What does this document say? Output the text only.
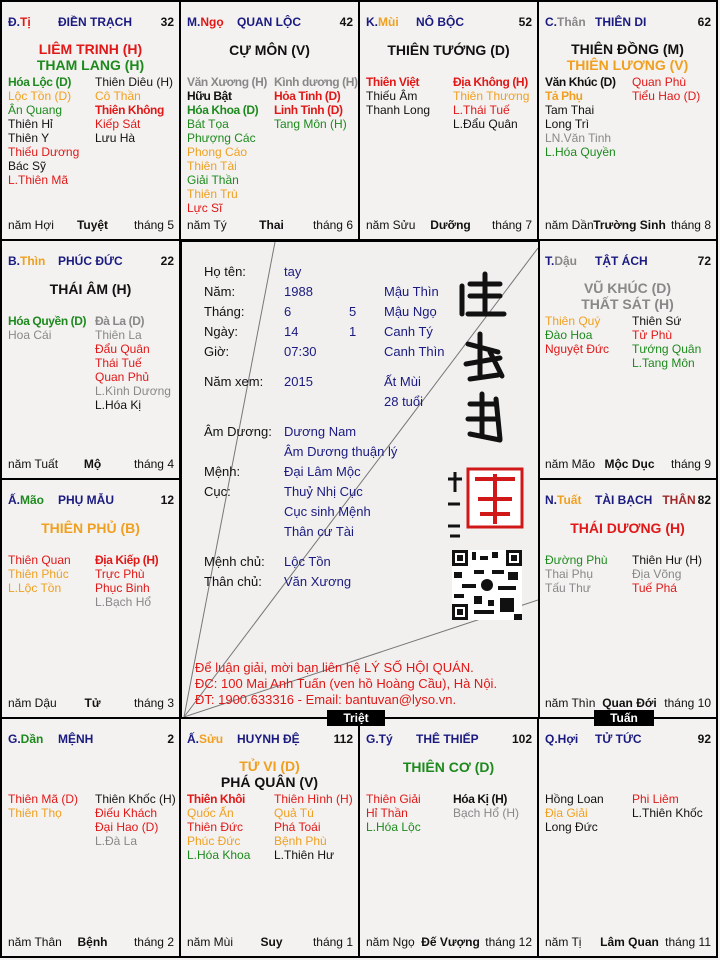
Đ.Tị ĐIỀN TRẠCH 32
LIÊM TRINH (H)
THAM LANG (H)
Hóa Lộc (D)
Lộc Tồn (D)
Ân Quang
Thiên Hỉ
Thiên Y
Thiếu Dương
Bác Sỹ
L.Thiên Mã
Thiên Diêu (H)
Cô Thần
Thiên Không
Kiếp Sát
Lưu Hà
năm Hợi	Tuyệt	tháng 5
M.Ngọ QUAN LỘC	42
CỰ MÔN (V)
Văn Xương (H)
Hữu Bật
Hóa Khoa (D)
Bát Tọa
Phượng Các
Phong Cáo
Thiên Tài
Giải Thần
Thiên Trù
Lực Sĩ
Kình dương (H)
Hỏa Tinh (D)
Linh Tinh (D)
Tang Môn (H)
năm Tý	Thai	tháng 6
K.Mùi NÔ BỘC	52
THIÊN TƯỚNG (D)
Thiên Việt
Thiếu Âm
Thanh Long
Địa Không (H)
Thiên Thương
L.Thái Tuế
L.Đẩu Quân
năm Sửu	Dưỡng	tháng 7
C.Thân THIÊN DI	62
THIÊN ĐỒNG (M)
THIÊN LƯƠNG (V)
Văn Khúc (D)
Tả Phụ
Tam Thai
Long Trì
LN.Văn Tinh
L.Hóa Quyền
Quan Phù
Tiểu Hao (D)
năm Dần Trường Sinh tháng 8
B.Thìn PHÚC ĐỨC	22
THÁI ÂM (H)
Hóa Quyền (D)
Hoa Cái
Đà La (D)
Thiên La
Đẩu Quân
Thái Tuế
Quan Phủ
L.Kình Dương
L.Hóa Kị
năm Tuất	Mộ	tháng 4
T.Dậu TẬT ÁCH	72
VŨ KHÚC (D)
THẤT SÁT (H)
Thiên Quý
Đào Hoa
Nguyệt Đức
Thiên Sứ
Tử Phù
Tướng Quân
L.Tang Môn
năm Mão Mộc Dục	tháng 9
Ấ.Mão PHỤ MẪU	12
THIÊN PHỦ (B)
Thiên Quan
Thiên Phúc
L.Lộc Tồn
Địa Kiếp (H)
Trực Phù
Phục Binh
L.Bạch Hổ
năm Dậu	Tử	tháng 3
N.Tuất TÀI BẠCH THÂN 82
THÁI DƯƠNG (H)
Đường Phù
Thai Phụ
Tấu Thư
Thiên Hư (H)
Địa Võng
Tuế Phá
năm Thìn Quan Đới tháng 10
G.Dần MỆNH	2
Thiên Mã (D)
Thiên Thọ
Thiên Khốc (H)
Điếu Khách
Đại Hao (D)
L.Đà La
năm Thân	Bệnh	tháng 2
Ấ.Sửu HUYNH ĐỆ	112
TỬ VI (D)
PHÁ QUÂN (V)
Thiên Khôi
Quốc Ấn
Thiên Đức
Phúc Đức
L.Hóa Khoa
Thiên Hình (H)
Quả Tú
Phá Toái
Bệnh Phù
L.Thiên Hư
năm Mùi	Suy	tháng 1
G.Tý THÊ THIẾP	102
THIÊN CƠ (D)
Thiên Giải
Hỉ Thần
L.Hóa Lộc
Hóa Kị (H)
Bạch Hổ (H)
năm Ngọ Đế Vượng tháng 12
Q.Hợi TỬ TỨC	92
Hồng Loan
Địa Giải
Long Đức
Phi Liêm
L.Thiên Khốc
năm Tị	Lâm Quan tháng 11
Họ tên:	tay
Năm:	1988	Mậu Thìn
Tháng:	6	5 Mậu Ngọ
Ngày:	14	1 Canh Tý
Giờ:	07:30	Canh Thìn
Năm xem: 2015	Ất Mùi
28 tuổi
Âm Dương: Dương Nam
Âm Dương thuận lý
Mệnh:	Đại Lâm Mộc
Cục:	Thuỷ Nhị Cục
Cục sinh Mệnh
Thân cư Tài
Mệnh chủ: Lộc Tồn
Thân chủ: Văn Xương
Để luận giải, mời bạn liên hệ LÝ SỐ HỘI QUÁN.
ĐC: 100 Mai Anh Tuấn (ven hồ Hoàng Cầu), Hà Nội.
ĐT: 1900.633316 - Email: bantuvan@lyso.vn.
Triệt	Tuấn
